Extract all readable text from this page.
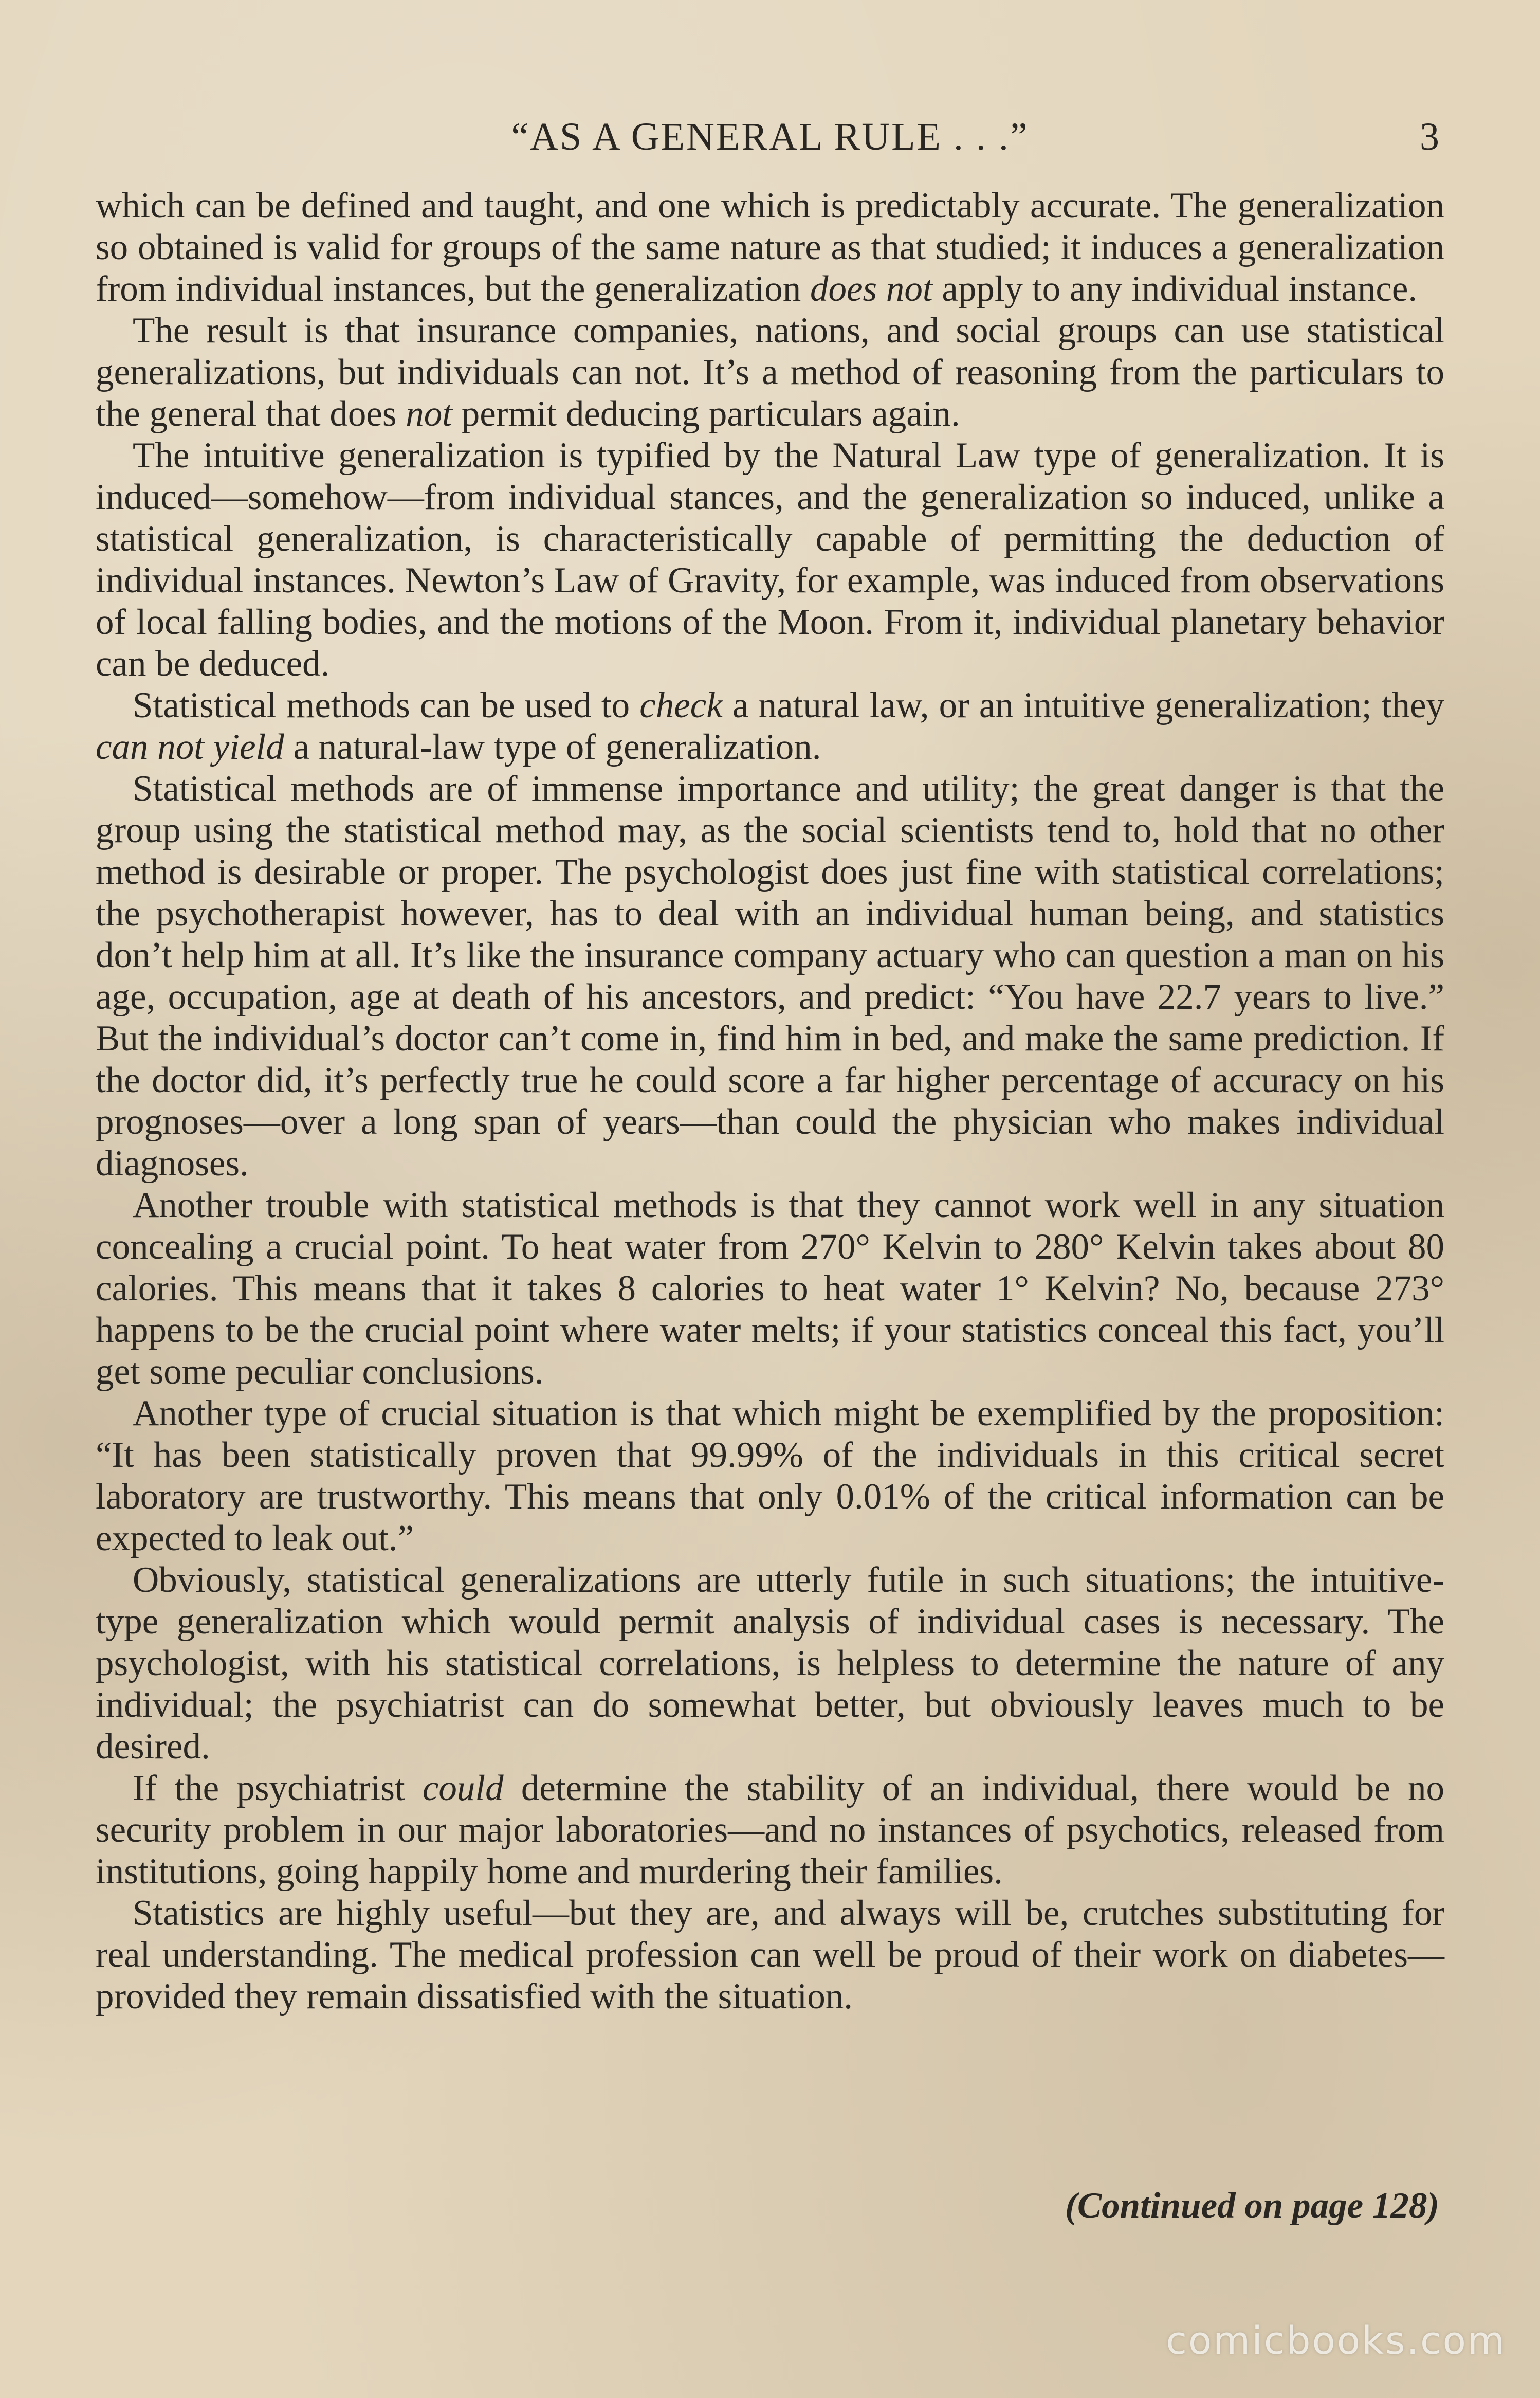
“AS A GENERAL RULE . . .”	3

which can be defined and taught, and one which is predictably accurate. The generalization so obtained is valid for groups of the same nature as that studied; it induces a generalization from individual instances, but the generalization does not apply to any individual instance.

The result is that insurance companies, nations, and social groups can use statistical generalizations, but individuals can not. It’s a method of reasoning from the particulars to the general that does not permit deducing particulars again.

The intuitive generalization is typified by the Natural Law type of generalization. It is induced—somehow—from individual stances, and the generalization so induced, unlike a statistical generalization, is characteristically capable of permitting the deduction of individual instances. Newton’s Law of Gravity, for example, was induced from observations of local falling bodies, and the motions of the Moon. From it, individual planetary behavior can be deduced.

Statistical methods can be used to check a natural law, or an intuitive generalization; they can not yield a natural-law type of generalization.

Statistical methods are of immense importance and utility; the great danger is that the group using the statistical method may, as the social scientists tend to, hold that no other method is desirable or proper. The psychologist does just fine with statistical correlations; the psychotherapist however, has to deal with an individual human being, and statistics don’t help him at all. It’s like the insurance company actuary who can question a man on his age, occupation, age at death of his ancestors, and predict: “You have 22.7 years to live.” But the individual’s doctor can’t come in, find him in bed, and make the same prediction. If the doctor did, it’s perfectly true he could score a far higher percentage of accuracy on his prognoses—over a long span of years—than could the physician who makes individual diagnoses.

Another trouble with statistical methods is that they cannot work well in any situation concealing a crucial point. To heat water from 270° Kelvin to 280° Kelvin takes about 80 calories. This means that it takes 8 calories to heat water 1° Kelvin? No, because 273° happens to be the crucial point where water melts; if your statistics conceal this fact, you’ll get some peculiar conclusions.

Another type of crucial situation is that which might be exemplified by the proposition: “It has been statistically proven that 99.99% of the individuals in this critical secret laboratory are trustworthy. This means that only 0.01% of the critical information can be expected to leak out.”

Obviously, statistical generalizations are utterly futile in such situations; the intuitive-type generalization which would permit analysis of individual cases is necessary. The psychologist, with his statistical correlations, is helpless to determine the nature of any individual; the psychiatrist can do somewhat better, but obviously leaves much to be desired.

If the psychiatrist could determine the stability of an individual, there would be no security problem in our major laboratories—and no instances of psychotics, released from institutions, going happily home and murdering their families.

Statistics are highly useful—but they are, and always will be, crutches substituting for real understanding. The medical profession can well be proud of their work on diabetes—provided they remain dissatisfied with the situation.

(Continued on page 128)
comicbooks.com
